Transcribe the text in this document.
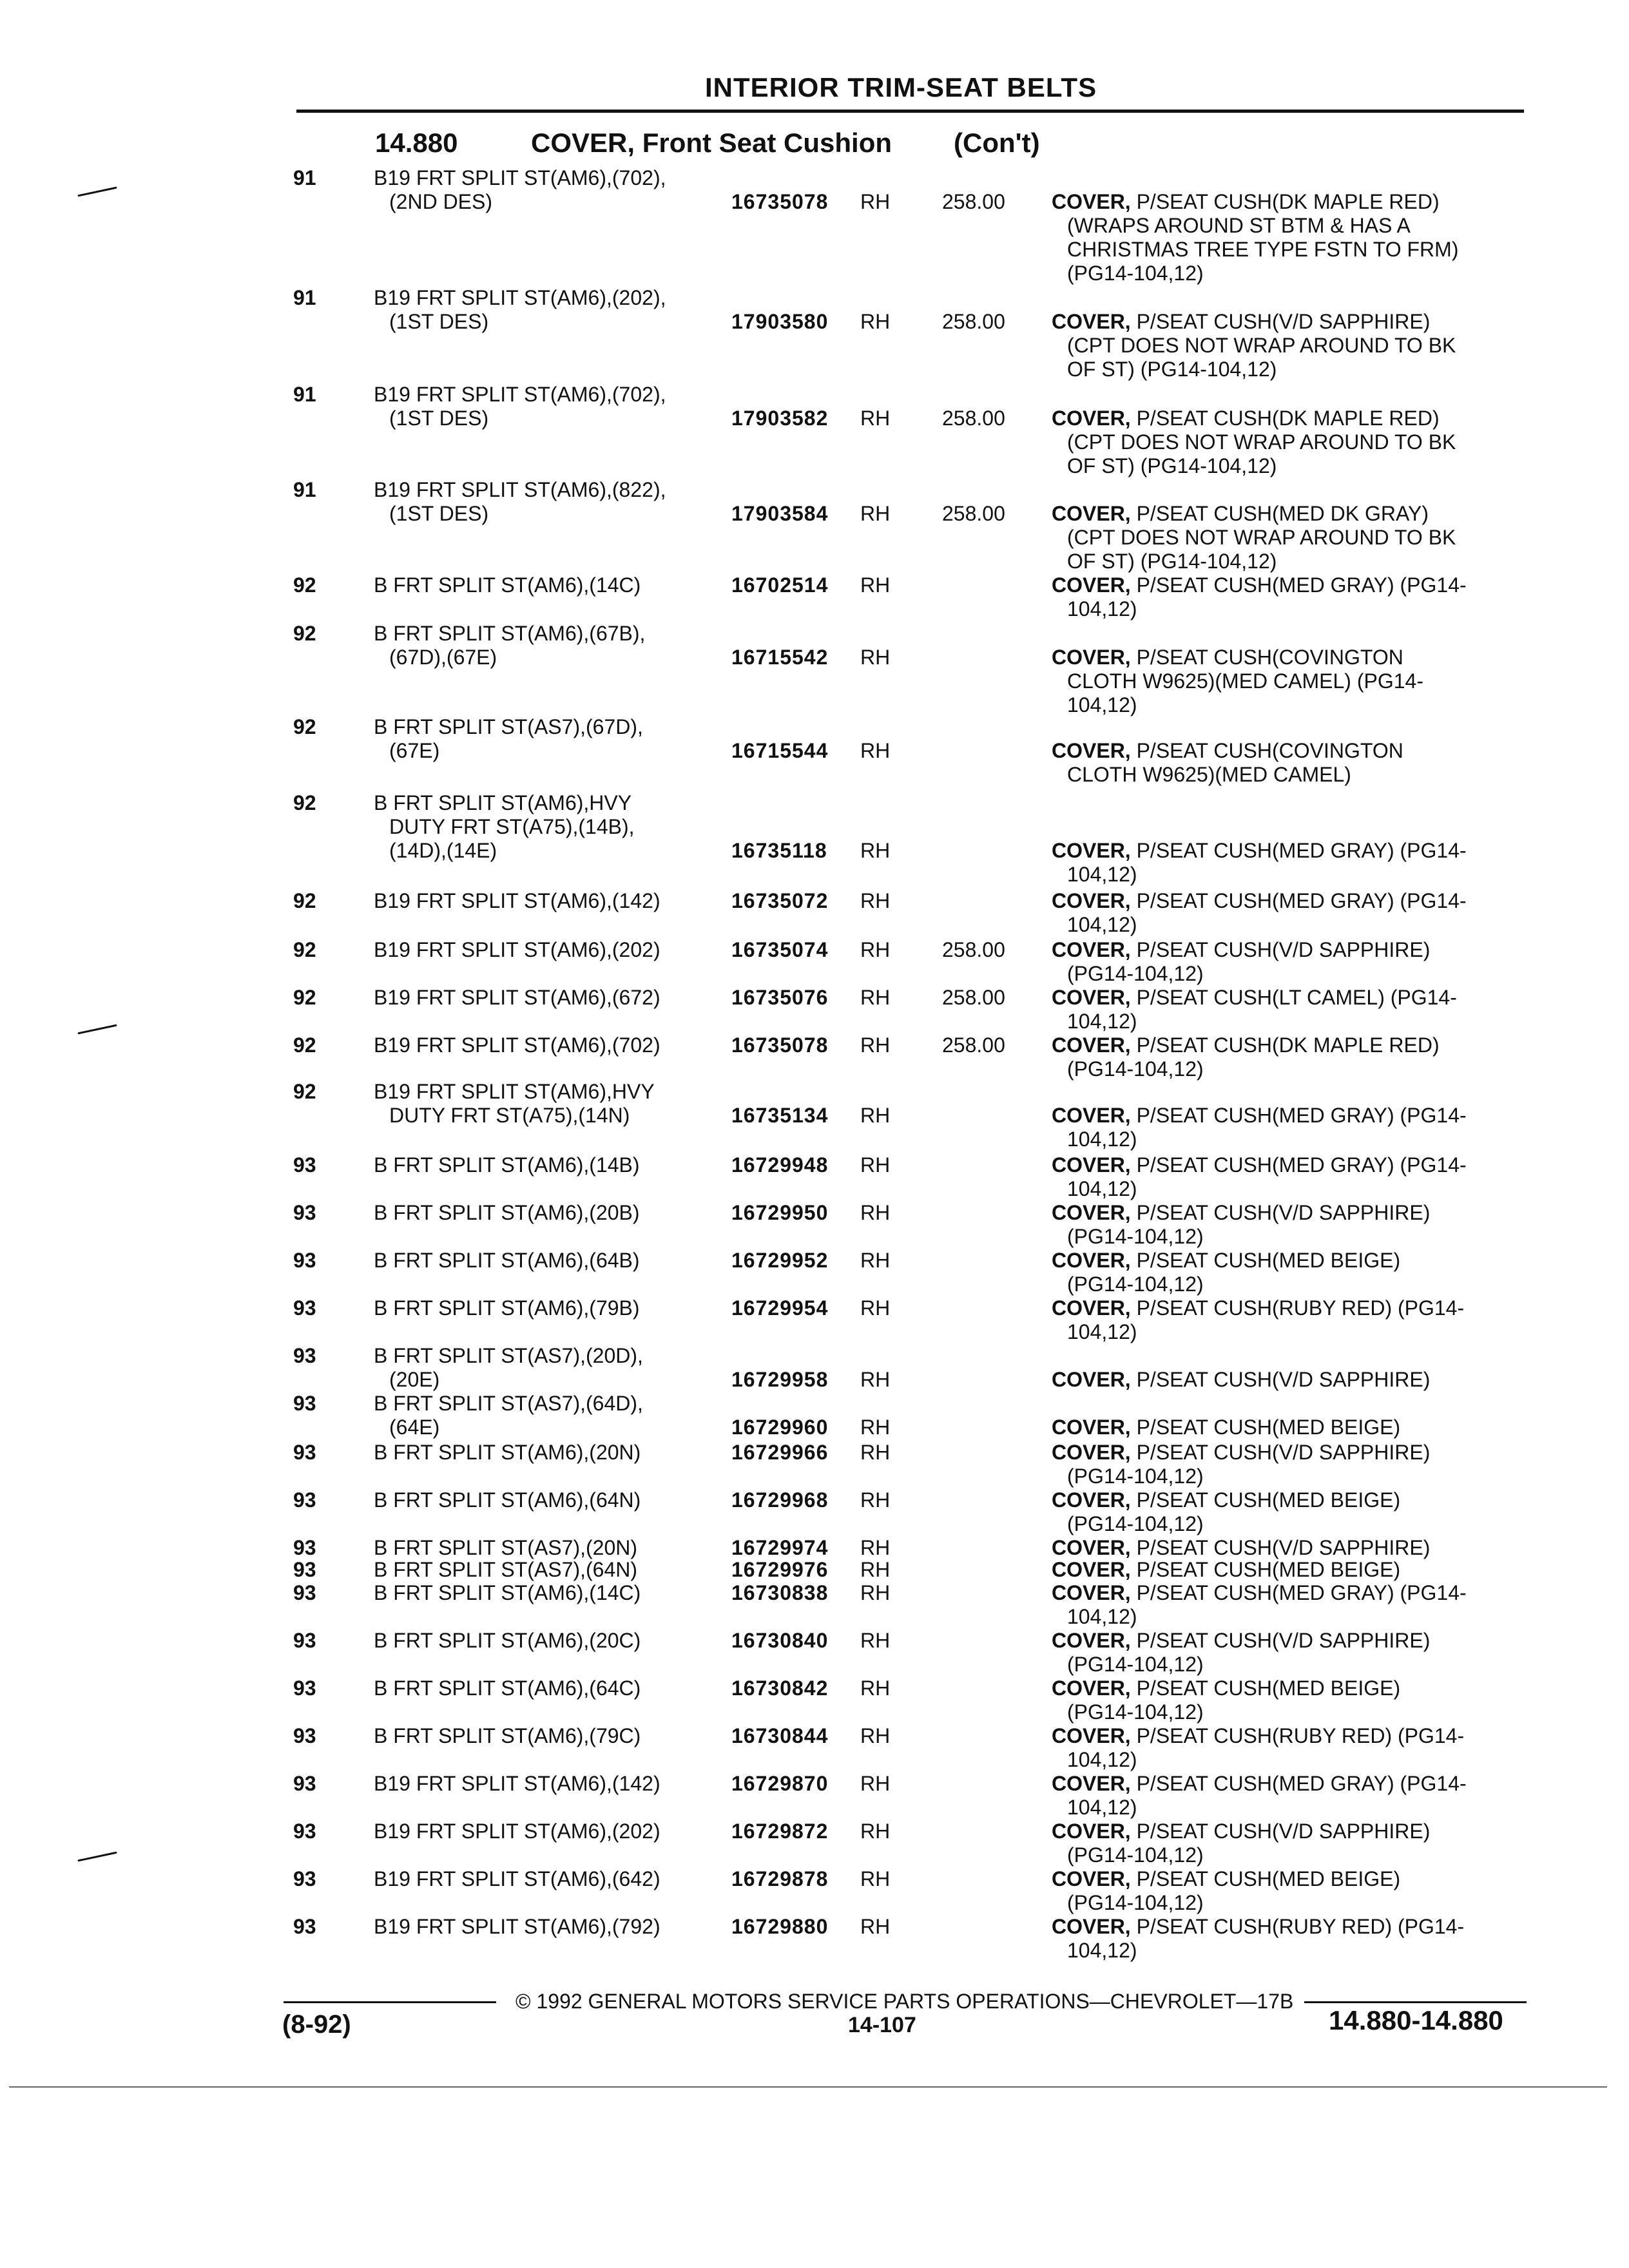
INTERIOR TRIM-SEAT BELTS
14.880	COVER, Front Seat Cushion (Con't)
91	B19 FRT SPLIT ST(AM6),(702),
(2ND DES)	16735078 RH	258.00 COVER, P/SEAT CUSH(DK MAPLE RED)
(WRAPS AROUND ST BTM & HAS A
CHRISTMAS TREE TYPE FSTN TO FRM)
(PG14-104,12)
91	B19 FRT SPLIT ST(AM6),(202),
(1ST DES)	17903580 RH	258.00 COVER, P/SEAT CUSH(V/D SAPPHIRE)
(CPT DOES NOT WRAP AROUND TO BK
OF ST) (PG14-104,12)
91	B19 FRT SPLIT ST(AM6),(702),
(1ST DES)	17903582 RH	258.00 COVER, P/SEAT CUSH(DK MAPLE RED)
(CPT DOES NOT WRAP AROUND TO BK
OF ST) (PG14-104,12)
91	B19 FRT SPLIT ST(AM6),(822),
(1ST DES)	17903584 RH	258.00 COVER, P/SEAT CUSH(MED DK GRAY)
(CPT DOES NOT WRAP AROUND TO BK
OF ST) (PG14-104,12)
92	B FRT SPLIT ST(AM6),(14C)	16702514 RH	COVER, P/SEAT CUSH(MED GRAY) (PG14-
104,12)
92	B FRT SPLIT ST(AM6),(67B),
(67D),(67E)	16715542 RH	COVER, P/SEAT CUSH(COVINGTON
CLOTH W9625)(MED CAMEL) (PG14-
104,12)
92	B FRT SPLIT ST(AS7),(67D),
(67E)	16715544 RH	COVER, P/SEAT CUSH(COVINGTON
CLOTH W9625)(MED CAMEL)
92	B FRT SPLIT ST(AM6),HVY
DUTY FRT ST(A75),(14B),
(14D),(14E)	16735118 RH	COVER, P/SEAT CUSH(MED GRAY) (PG14-
104,12)
92	B19 FRT SPLIT ST(AM6),(142)	16735072 RH	COVER, P/SEAT CUSH(MED GRAY) (PG14-
104,12)
92	B19 FRT SPLIT ST(AM6),(202)	16735074 RH	258.00 COVER, P/SEAT CUSH(V/D SAPPHIRE)
(PG14-104,12)
92	B19 FRT SPLIT ST(AM6),(672)	16735076 RH	258.00 COVER, P/SEAT CUSH(LT CAMEL) (PG14-
104,12)
92	B19 FRT SPLIT ST(AM6),(702)	16735078 RH	258.00 COVER, P/SEAT CUSH(DK MAPLE RED)
(PG14-104,12)
92	B19 FRT SPLIT ST(AM6),HVY
DUTY FRT ST(A75),(14N)	16735134 RH	COVER, P/SEAT CUSH(MED GRAY) (PG14-
104,12)
93	B FRT SPLIT ST(AM6),(14B)	16729948 RH	COVER, P/SEAT CUSH(MED GRAY) (PG14-
104,12)
93	B FRT SPLIT ST(AM6),(20B)	16729950 RH	COVER, P/SEAT CUSH(V/D SAPPHIRE)
(PG14-104,12)
93	B FRT SPLIT ST(AM6),(64B)	16729952 RH	COVER, P/SEAT CUSH(MED BEIGE)
(PG14-104,12)
93	B FRT SPLIT ST(AM6),(79B)	16729954 RH	COVER, P/SEAT CUSH(RUBY RED) (PG14-
104,12)
93	B FRT SPLIT ST(AS7),(20D),
(20E)	16729958 RH	COVER, P/SEAT CUSH(V/D SAPPHIRE)
93	B FRT SPLIT ST(AS7),(64D),
(64E)	16729960 RH	COVER, P/SEAT CUSH(MED BEIGE)
93	B FRT SPLIT ST(AM6),(20N)	16729966 RH	COVER, P/SEAT CUSH(V/D SAPPHIRE)
(PG14-104,12)
93	B FRT SPLIT ST(AM6),(64N)	16729968 RH	COVER, P/SEAT CUSH(MED BEIGE)
(PG14-104,12)
93	B FRT SPLIT ST(AS7),(20N)	16729974 RH	COVER, P/SEAT CUSH(V/D SAPPHIRE)
93	B FRT SPLIT ST(AS7),(64N)	16729976 RH	COVER, P/SEAT CUSH(MED BEIGE)
93	B FRT SPLIT ST(AM6),(14C)	16730838 RH	COVER, P/SEAT CUSH(MED GRAY) (PG14-
104,12)
93	B FRT SPLIT ST(AM6),(20C)	16730840 RH	COVER, P/SEAT CUSH(V/D SAPPHIRE)
(PG14-104,12)
93	B FRT SPLIT ST(AM6),(64C)	16730842 RH	COVER, P/SEAT CUSH(MED BEIGE)
(PG14-104,12)
93	B FRT SPLIT ST(AM6),(79C)	16730844 RH	COVER, P/SEAT CUSH(RUBY RED) (PG14-
104,12)
93	B19 FRT SPLIT ST(AM6),(142)	16729870 RH	COVER, P/SEAT CUSH(MED GRAY) (PG14-
104,12)
93	B19 FRT SPLIT ST(AM6),(202)	16729872 RH	COVER, P/SEAT CUSH(V/D SAPPHIRE)
(PG14-104,12)
93	B19 FRT SPLIT ST(AM6),(642)	16729878 RH	COVER, P/SEAT CUSH(MED BEIGE)
(PG14-104,12)
93	B19 FRT SPLIT ST(AM6),(792)	16729880 RH	COVER, P/SEAT CUSH(RUBY RED) (PG14-
104,12)
© 1992 GENERAL MOTORS SERVICE PARTS OPERATIONS—CHEVROLET—17B
(8-92)	14-107	14.880-14.880
